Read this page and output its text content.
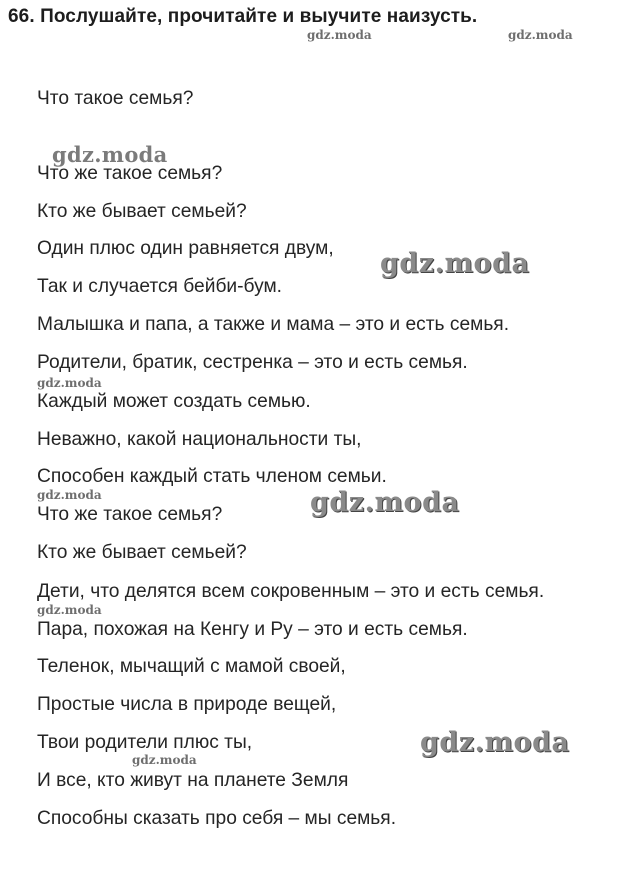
66. Послушайте, прочитайте и выучите наизусть.
Что такое семья?
Что же такое семья?
Кто же бывает семьей?
Один плюс один равняется двум,
Так и случается бейби-бум.
Малышка и папа, а также и мама – это и есть семья.
Родители, братик, сестренка – это и есть семья.
Каждый может создать семью.
Неважно, какой национальности ты,
Способен каждый стать членом семьи.
Что же такое семья?
Кто же бывает семьей?
Дети, что делятся всем сокровенным – это и есть семья.
Пара, похожая на Кенгу и Ру – это и есть семья.
Теленок, мычащий с мамой своей,
Простые числа в природе вещей,
Твои родители плюс ты,
И все, кто живут на планете Земля
Способны сказать про себя – мы семья.
gdz.moda	gdz.moda
gdz.moda
gdz.moda
gdz.moda
gdz.moda	gdz.moda
gdz.moda
gdz.moda
gdz.moda
